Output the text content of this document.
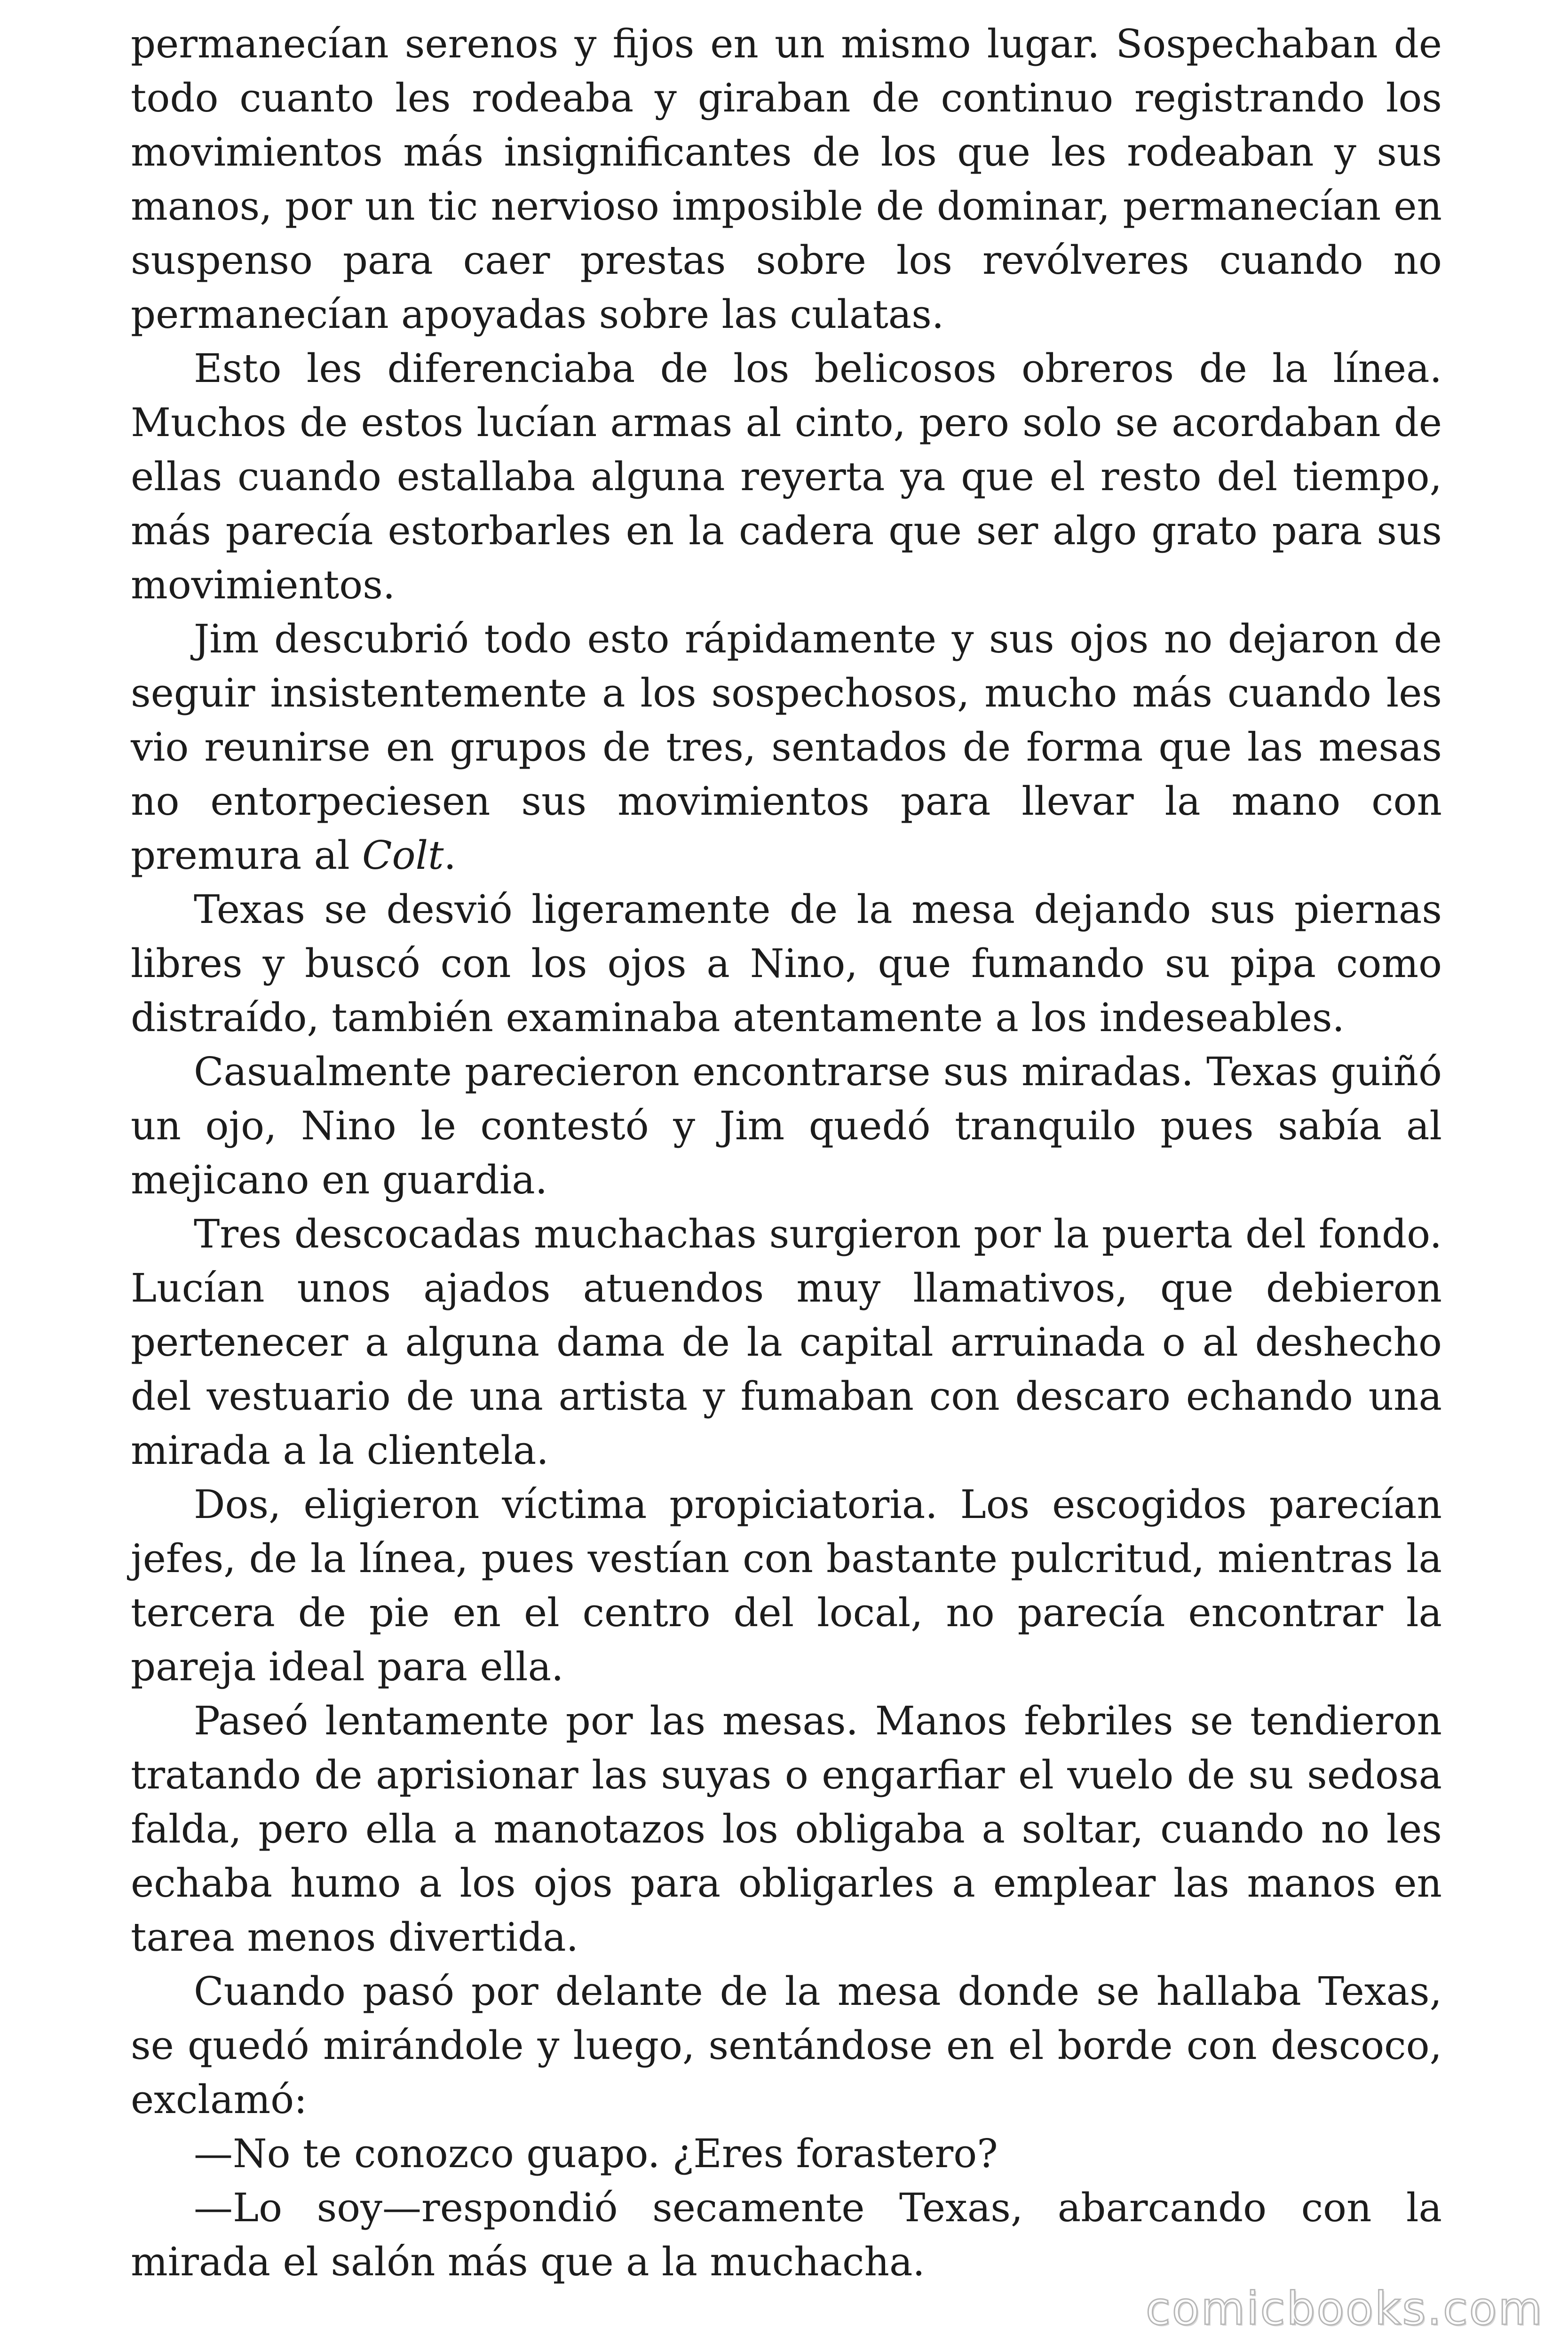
permanecían serenos y fijos en un mismo lugar. Sospechaban de todo cuanto les rodeaba y giraban de continuo registrando los movimientos más insignificantes de los que les rodeaban y sus manos, por un tic nervioso imposible de dominar, permanecían en suspenso para caer prestas sobre los revólveres cuando no permanecían apoyadas sobre las culatas.

Esto les diferenciaba de los belicosos obreros de la línea. Muchos de estos lucían armas al cinto, pero solo se acordaban de ellas cuando estallaba alguna reyerta ya que el resto del tiempo, más parecía estorbarles en la cadera que ser algo grato para sus movimientos.

Jim descubrió todo esto rápidamente y sus ojos no dejaron de seguir insistentemente a los sospechosos, mucho más cuando les vio reunirse en grupos de tres, sentados de forma que las mesas no entorpeciesen sus movimientos para llevar la mano con premura al Colt.

Texas se desvió ligeramente de la mesa dejando sus piernas libres y buscó con los ojos a Nino, que fumando su pipa como distraído, también examinaba atentamente a los indeseables.

Casualmente parecieron encontrarse sus miradas. Texas guiñó un ojo, Nino le contestó y Jim quedó tranquilo pues sabía al mejicano en guardia.

Tres descocadas muchachas surgieron por la puerta del fondo. Lucían unos ajados atuendos muy llamativos, que debieron pertenecer a alguna dama de la capital arruinada o al deshecho del vestuario de una artista y fumaban con descaro echando una mirada a la clientela.

Dos, eligieron víctima propiciatoria. Los escogidos parecían jefes, de la línea, pues vestían con bastante pulcritud, mientras la tercera de pie en el centro del local, no parecía encontrar la pareja ideal para ella.

Paseó lentamente por las mesas. Manos febriles se tendieron tratando de aprisionar las suyas o engarfiar el vuelo de su sedosa falda, pero ella a manotazos los obligaba a soltar, cuando no les echaba humo a los ojos para obligarles a emplear las manos en tarea menos divertida.

Cuando pasó por delante de la mesa donde se hallaba Texas, se quedó mirándole y luego, sentándose en el borde con descoco, exclamó:

—No te conozco guapo. ¿Eres forastero?

—Lo soy—respondió secamente Texas, abarcando con la mirada el salón más que a la muchacha.

comicbooks.com
